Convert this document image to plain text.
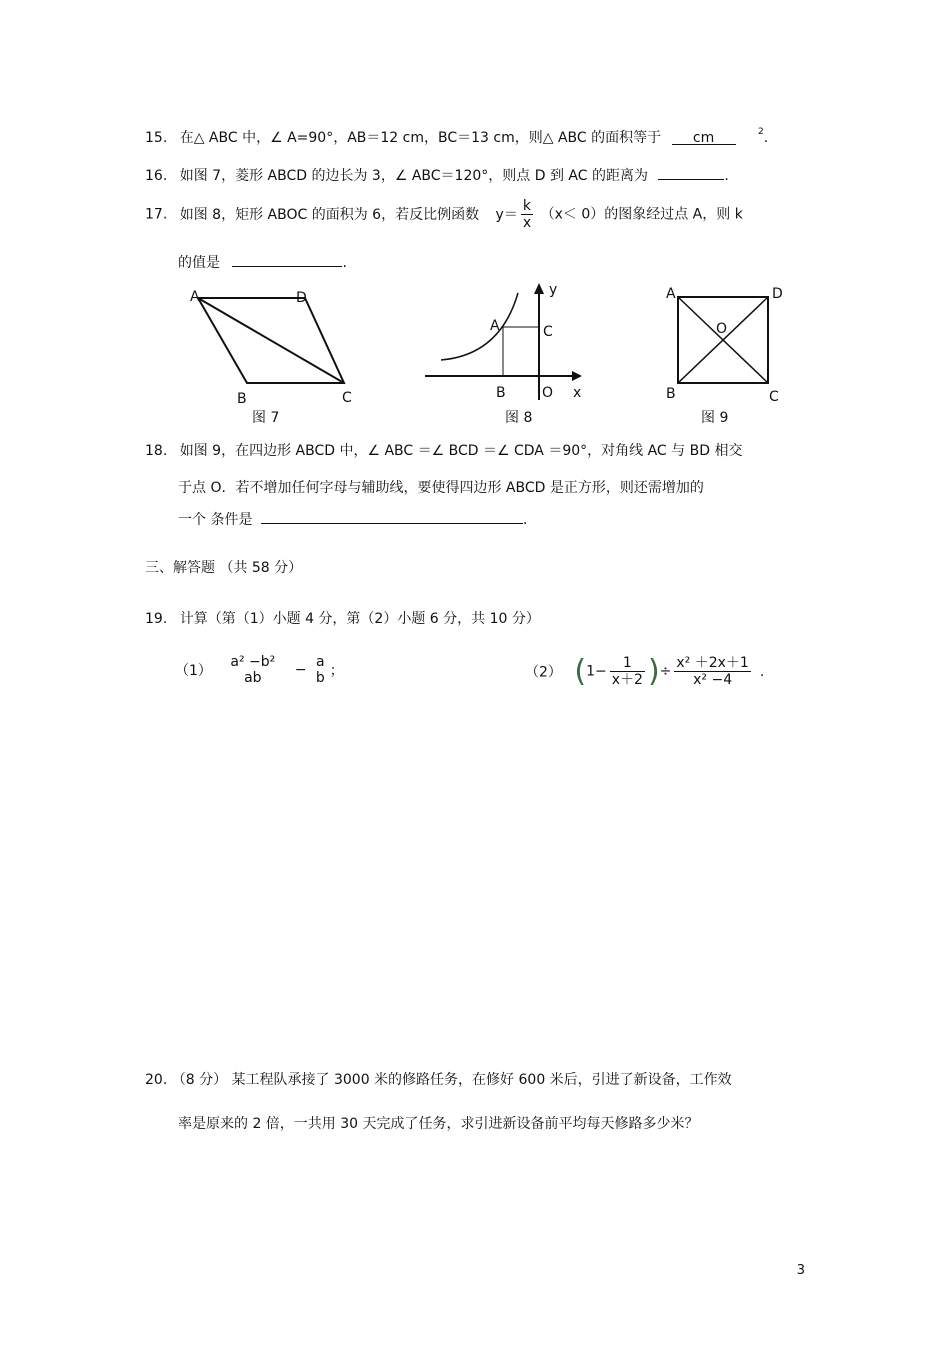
15. 在△ ABC 中，∠ A=90°，AB＝12 cm，BC＝13 cm，则△ ABC 的面积等于 cm	$^2$.
16. 如图 7，菱形 ABCD 的边长为 3，∠ ABC＝120°，则点 D 到 AC 的距离为	.
17. 如图 8，矩形 ABOC 的面积为 6，若反比例函数 $y= \frac{k}{x} (x< 0)$的图象经过点 A，则 k
的值是	.
A	D
B	C
y
A	C
B	O x
A	D
O
B	C
图 7	图 8	图 9
18. 如图 9，在四边形 ABCD 中，∠ ABC ＝∠ BCD ＝∠ CDA ＝90°，对角线 AC 与 BD 相交
于点 O．若不增加任何字母与辅助线，要使得四边形 ABCD 是正方形，则还需增加的
一个 条件是	.
三、解答题 （共 58 分）
19. 计算（第（1）小题 4 分，第（2）小题 6 分，共 10 分）
（1）
a² −b²
ab	− a
b ；	（2） ($1- \frac{1}{x+2}$ )÷ $\frac{\text{x² ＋2x＋1}}{\text{x² −4}}$ .
20. （8 分） 某工程队承接了 3000 米的修路任务，在修好 600 米后，引进了新设备，工作效
率是原来的 2 倍，一共用 30 天完成了任务，求引进新设备前平均每天修路多少米？
3
